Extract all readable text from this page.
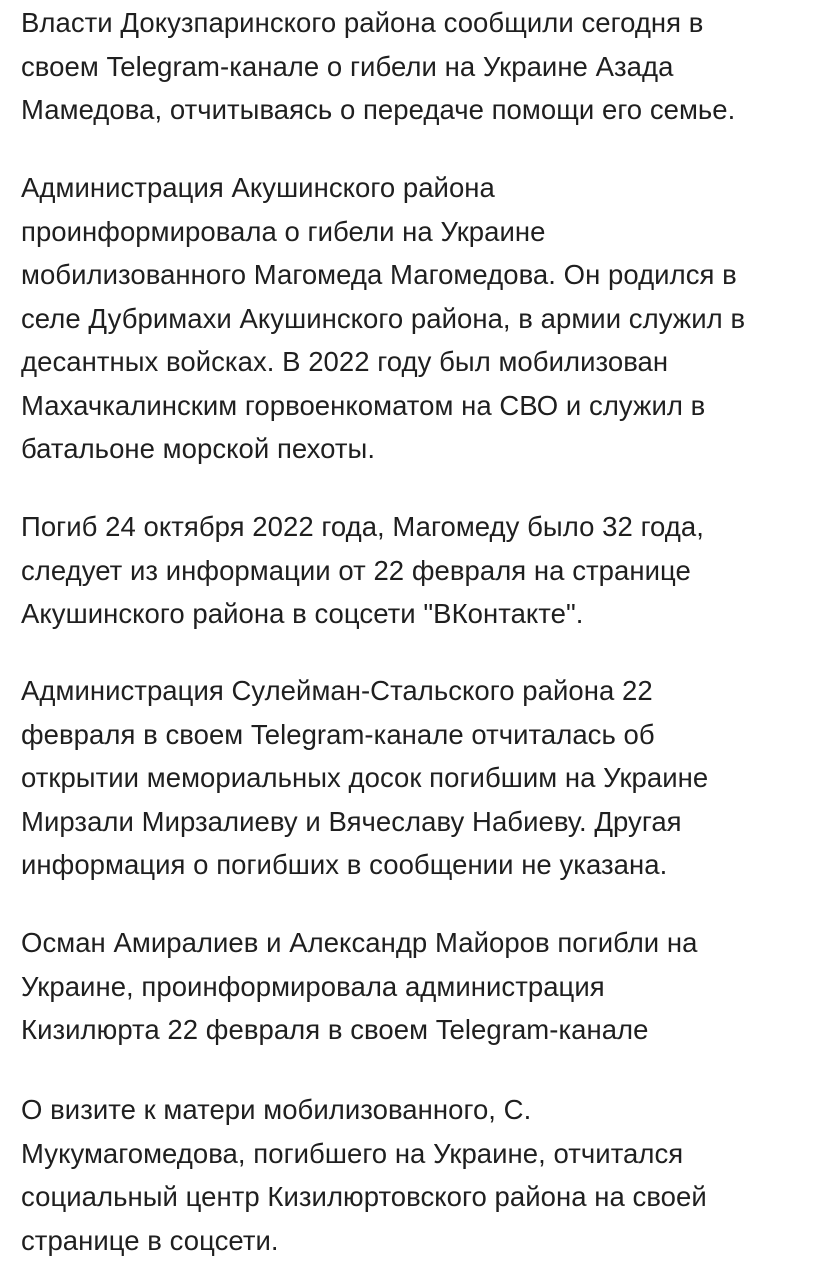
Власти Докузпаринского района сообщили сегодня в
своем Telegram-канале о гибели на Украине Азада
Мамедова, отчитываясь о передаче помощи его семье.

Администрация Акушинского района
проинформировала о гибели на Украине
мобилизованного Магомеда Магомедова. Он родился в
селе Дубримахи Акушинского района, в армии служил в
десантных войсках. В 2022 году был мобилизован
Махачкалинским горвоенкоматом на СВО и служил в
батальоне морской пехоты.

Погиб 24 октября 2022 года, Магомеду было 32 года,
следует из информации от 22 февраля на странице
Акушинского района в соцсети "ВКонтакте".

Администрация Сулейман-Стальского района 22
февраля в своем Telegram-канале отчиталась об
открытии мемориальных досок погибшим на Украине
Мирзали Мирзалиеву и Вячеславу Набиеву. Другая
информация о погибших в сообщении не указана.

Осман Амиралиев и Александр Майоров погибли на
Украине, проинформировала администрация
Кизилюрта 22 февраля в своем Telegram-канале

О визите к матери мобилизованного, С.
Мукумагомедова, погибшего на Украине, отчитался
социальный центр Кизилюртовского района на своей
странице в соцсети.
